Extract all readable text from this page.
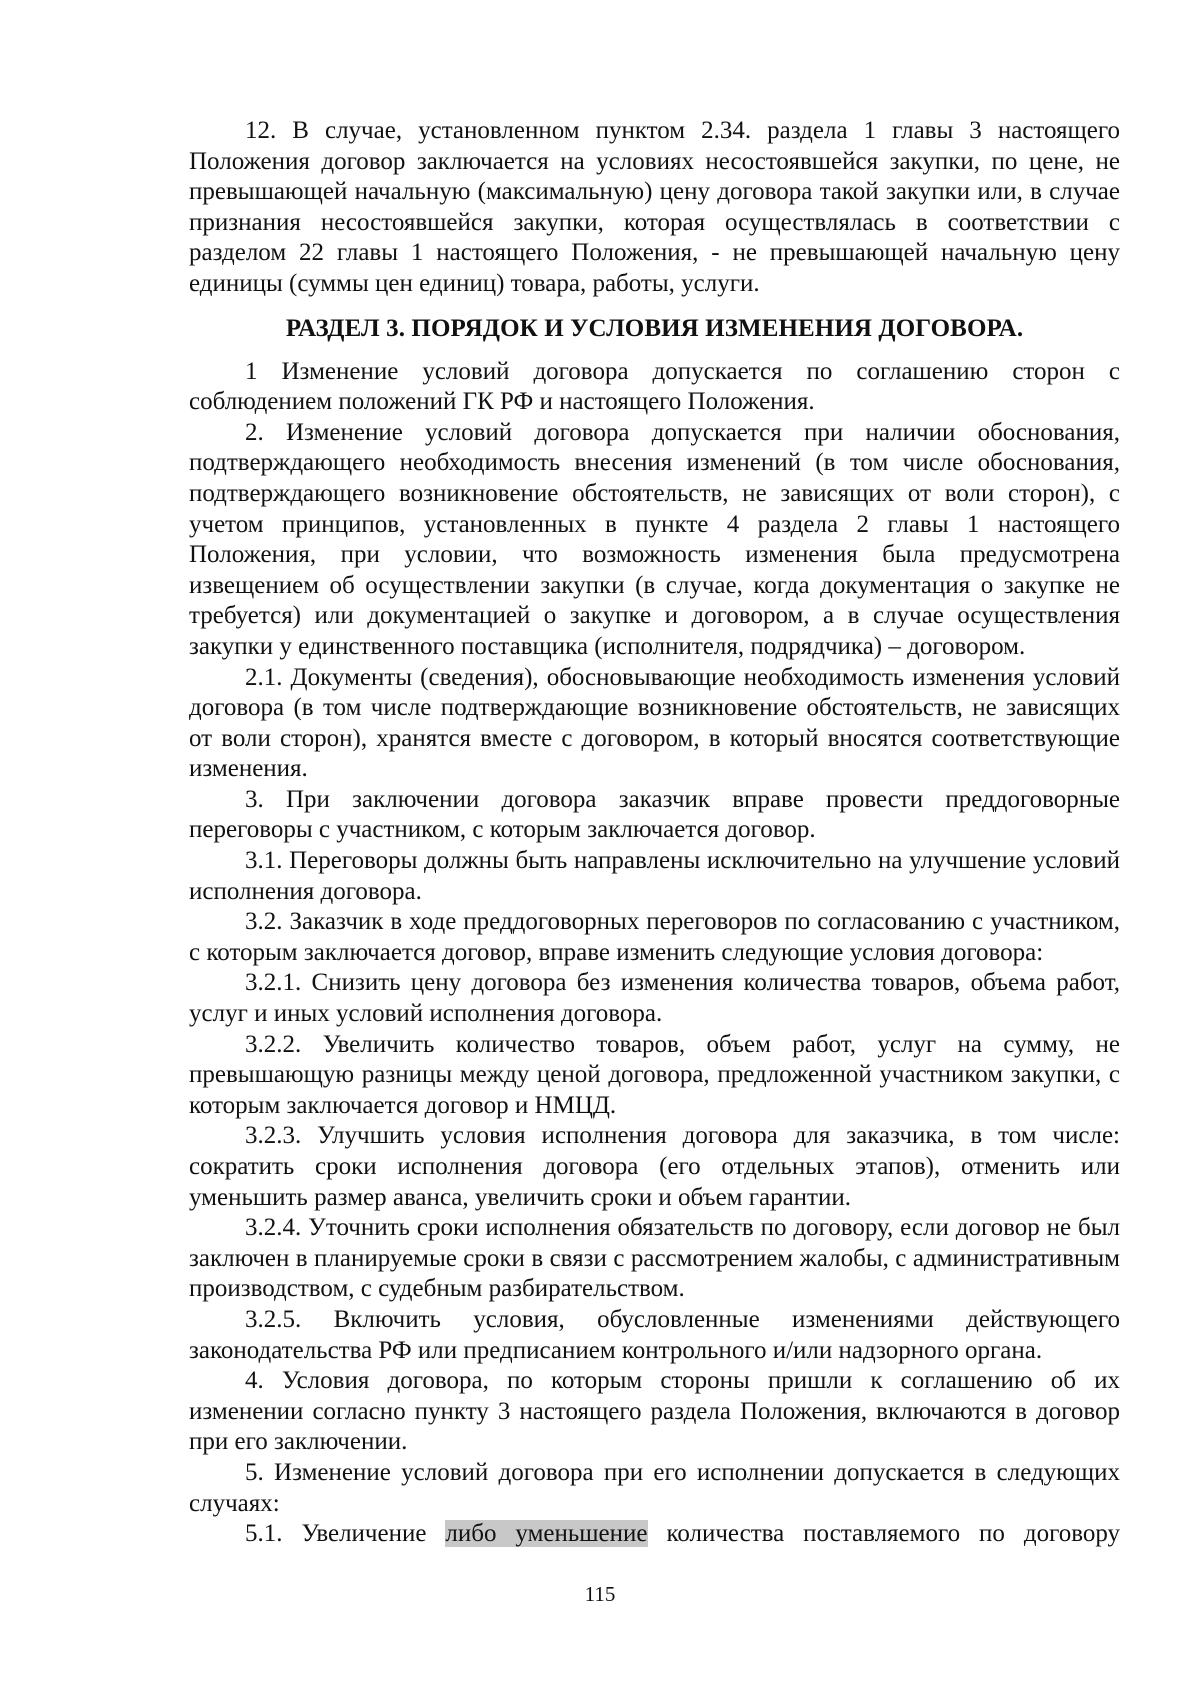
12. В случае, установленном пунктом 2.34. раздела 1 главы 3 настоящего Положения договор заключается на условиях несостоявшейся закупки, по цене, не превышающей начальную (максимальную) цену договора такой закупки или, в случае признания несостоявшейся закупки, которая осуществлялась в соответствии с разделом 22 главы 1 настоящего Положения, - не превышающей начальную цену единицы (суммы цен единиц) товара, работы, услуги.

РАЗДЕЛ 3. ПОРЯДОК И УСЛОВИЯ ИЗМЕНЕНИЯ ДОГОВОРА.

1 Изменение условий договора допускается по соглашению сторон с соблюдением положений ГК РФ и настоящего Положения.

2. Изменение условий договора допускается при наличии обоснования, подтверждающего необходимость внесения изменений (в том числе обоснования, подтверждающего возникновение обстоятельств, не зависящих от воли сторон), с учетом принципов, установленных в пункте 4 раздела 2 главы 1 настоящего Положения, при условии, что возможность изменения была предусмотрена извещением об осуществлении закупки (в случае, когда документация о закупке не требуется) или документацией о закупке и договором, а в случае осуществления закупки у единственного поставщика (исполнителя, подрядчика) – договором.

2.1. Документы (сведения), обосновывающие необходимость изменения условий договора (в том числе подтверждающие возникновение обстоятельств, не зависящих от воли сторон), хранятся вместе с договором, в который вносятся соответствующие изменения.

3. При заключении договора заказчик вправе провести преддоговорные переговоры с участником, с которым заключается договор.

3.1. Переговоры должны быть направлены исключительно на улучшение условий исполнения договора.

3.2. Заказчик в ходе преддоговорных переговоров по согласованию с участником, с которым заключается договор, вправе изменить следующие условия договора:

3.2.1. Снизить цену договора без изменения количества товаров, объема работ, услуг и иных условий исполнения договора.

3.2.2. Увеличить количество товаров, объем работ, услуг на сумму, не превышающую разницы между ценой договора, предложенной участником закупки, с которым заключается договор и НМЦД.

3.2.3. Улучшить условия исполнения договора для заказчика, в том числе: сократить сроки исполнения договора (его отдельных этапов), отменить или уменьшить размер аванса, увеличить сроки и объем гарантии.

3.2.4. Уточнить сроки исполнения обязательств по договору, если договор не был заключен в планируемые сроки в связи с рассмотрением жалобы, с административным производством, с судебным разбирательством.

3.2.5. Включить условия, обусловленные изменениями действующего законодательства РФ или предписанием контрольного и/или надзорного органа.

4. Условия договора, по которым стороны пришли к соглашению об их изменении согласно пункту 3 настоящего раздела Положения, включаются в договор при его заключении.

5. Изменение условий договора при его исполнении допускается в следующих случаях:

5.1. Увеличение либо уменьшение количества поставляемого по договору

115
